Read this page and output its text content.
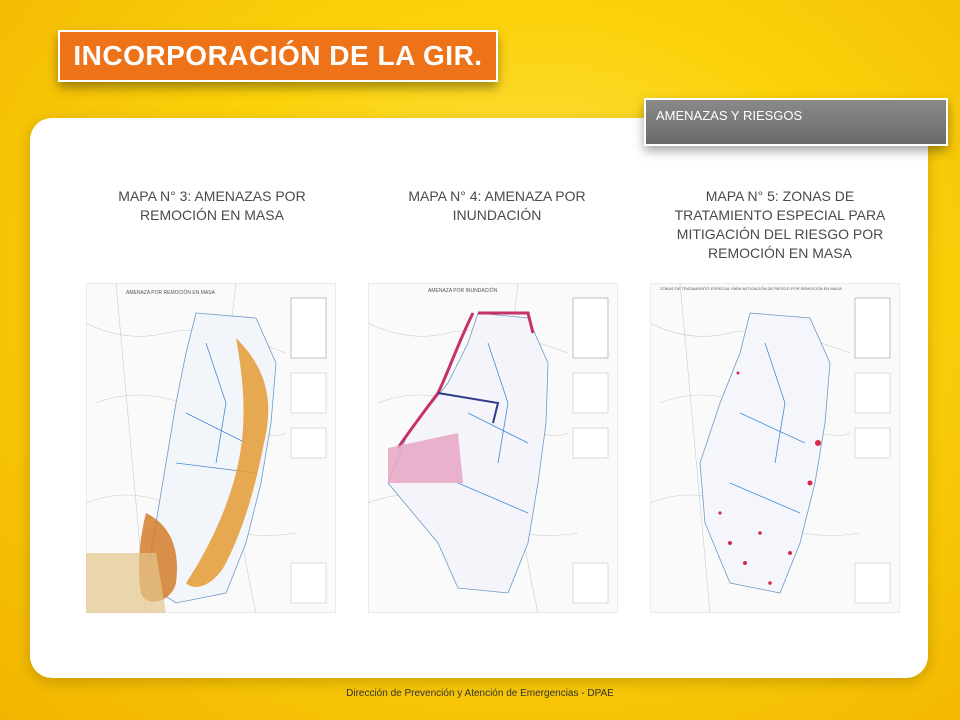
INCORPORACIÓN DE LA GIR.
AMENAZAS Y RIESGOS
MAPA N° 3: AMENAZAS POR REMOCIÓN EN MASA
MAPA N° 4: AMENAZA POR INUNDACIÓN
MAPA N° 5: ZONAS DE TRATAMIENTO ESPECIAL PARA MITIGACIÓN DEL RIESGO POR REMOCIÓN EN MASA
AMENAZA POR REMOCIÓN EN MASA	AMENAZA POR INUNDACIÓN	ZONAS DE TRATAMIENTO ESPECIAL PARA MITIGACIÓN DE RIESGO POR REMOCIÓN EN MASA
Dirección de Prevención y Atención de Emergencias - DPAE
